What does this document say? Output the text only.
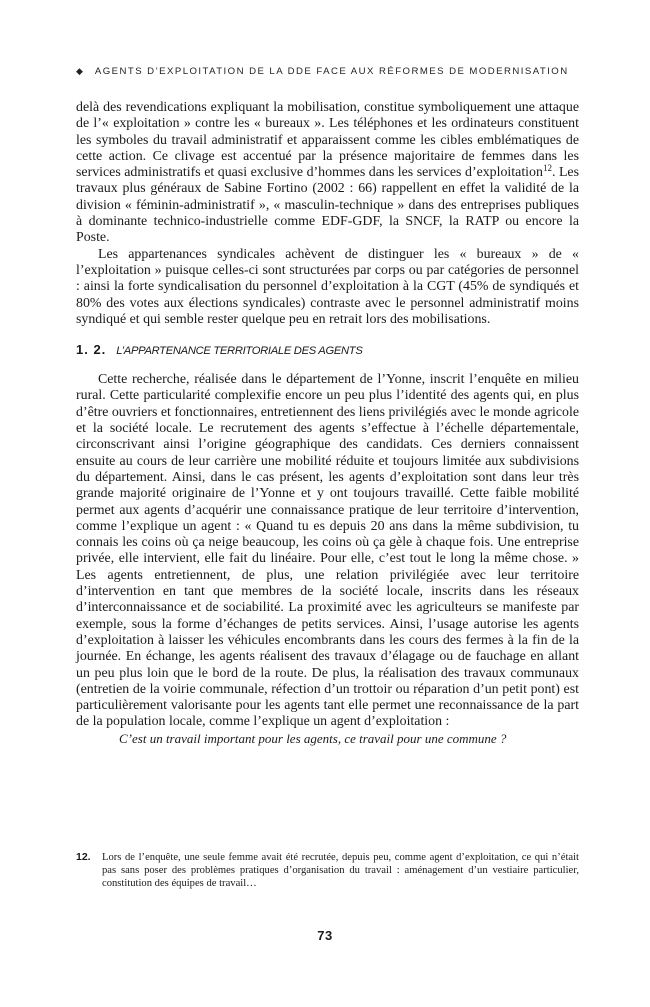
◆ AGENTS D’EXPLOITATION DE LA DDE FACE AUX RÉFORMES DE MODERNISATION

delà des revendications expliquant la mobilisation, constitue symboliquement une attaque de l’« exploitation » contre les « bureaux ». Les téléphones et les ordinateurs constituent les symboles du travail administratif et apparaissent comme les cibles emblématiques de cette action. Ce clivage est accentué par la présence majoritaire de femmes dans les services administratifs et quasi exclusive d’hommes dans les services d’exploitation$^{12}$. Les travaux plus généraux de Sabine Fortino (2002 : 66) rappellent en effet la validité de la division « féminin-administratif », « masculin-technique » dans des entreprises publiques à dominante technico-industrielle comme EDF-GDF, la SNCF, la RATP ou encore la Poste.

Les appartenances syndicales achèvent de distinguer les « bureaux » de « l’exploitation » puisque celles-ci sont structurées par corps ou par catégories de personnel : ainsi la forte syndicalisation du personnel d’exploitation à la CGT (45% de syndiqués et 80% des votes aux élections syndicales) contraste avec le personnel administratif moins syndiqué et qui semble rester quelque peu en retrait lors des mobilisations.

1. 2. L’APPARTENANCE TERRITORIALE DES AGENTS

Cette recherche, réalisée dans le département de l’Yonne, inscrit l’enquête en milieu rural. Cette particularité complexifie encore un peu plus l’identité des agents qui, en plus d’être ouvriers et fonctionnaires, entretiennent des liens privilégiés avec le monde agricole et la société locale. Le recrutement des agents s’effectue à l’échelle départementale, circonscrivant ainsi l’origine géographique des candidats. Ces derniers connaissent ensuite au cours de leur carrière une mobilité réduite et toujours limitée aux subdivisions du département. Ainsi, dans le cas présent, les agents d’exploitation sont dans leur très grande majorité originaire de l’Yonne et y ont toujours travaillé. Cette faible mobilité permet aux agents d’acquérir une connaissance pratique de leur territoire d’intervention, comme l’explique un agent : « Quand tu es depuis 20 ans dans la même subdivision, tu connais les coins où ça neige beaucoup, les coins où ça gèle à chaque fois. Une entreprise privée, elle intervient, elle fait du linéaire. Pour elle, c’est tout le long la même chose. » Les agents entretiennent, de plus, une relation privilégiée avec leur territoire d’intervention en tant que membres de la société locale, inscrits dans les réseaux d’interconnaissance et de sociabilité. La proximité avec les agriculteurs se manifeste par exemple, sous la forme d’échanges de petits services. Ainsi, l’usage autorise les agents d’exploitation à laisser les véhicules encombrants dans les cours des fermes à la fin de la journée. En échange, les agents réalisent des travaux d’élagage ou de fauchage en allant un peu plus loin que le bord de la route. De plus, la réalisation des travaux communaux (entretien de la voirie communale, réfection d’un trottoir ou réparation d’un petit pont) est particulièrement valorisante pour les agents tant elle permet une reconnaissance de la part de la population locale, comme l’explique un agent d’exploitation :

C’est un travail important pour les agents, ce travail pour une commune ?

12. Lors de l’enquête, une seule femme avait été recrutée, depuis peu, comme agent d’exploitation, ce qui n’était pas sans poser des problèmes pratiques d’organisation du travail : aménagement d’un vestiaire particulier, constitution des équipes de travail…
73
